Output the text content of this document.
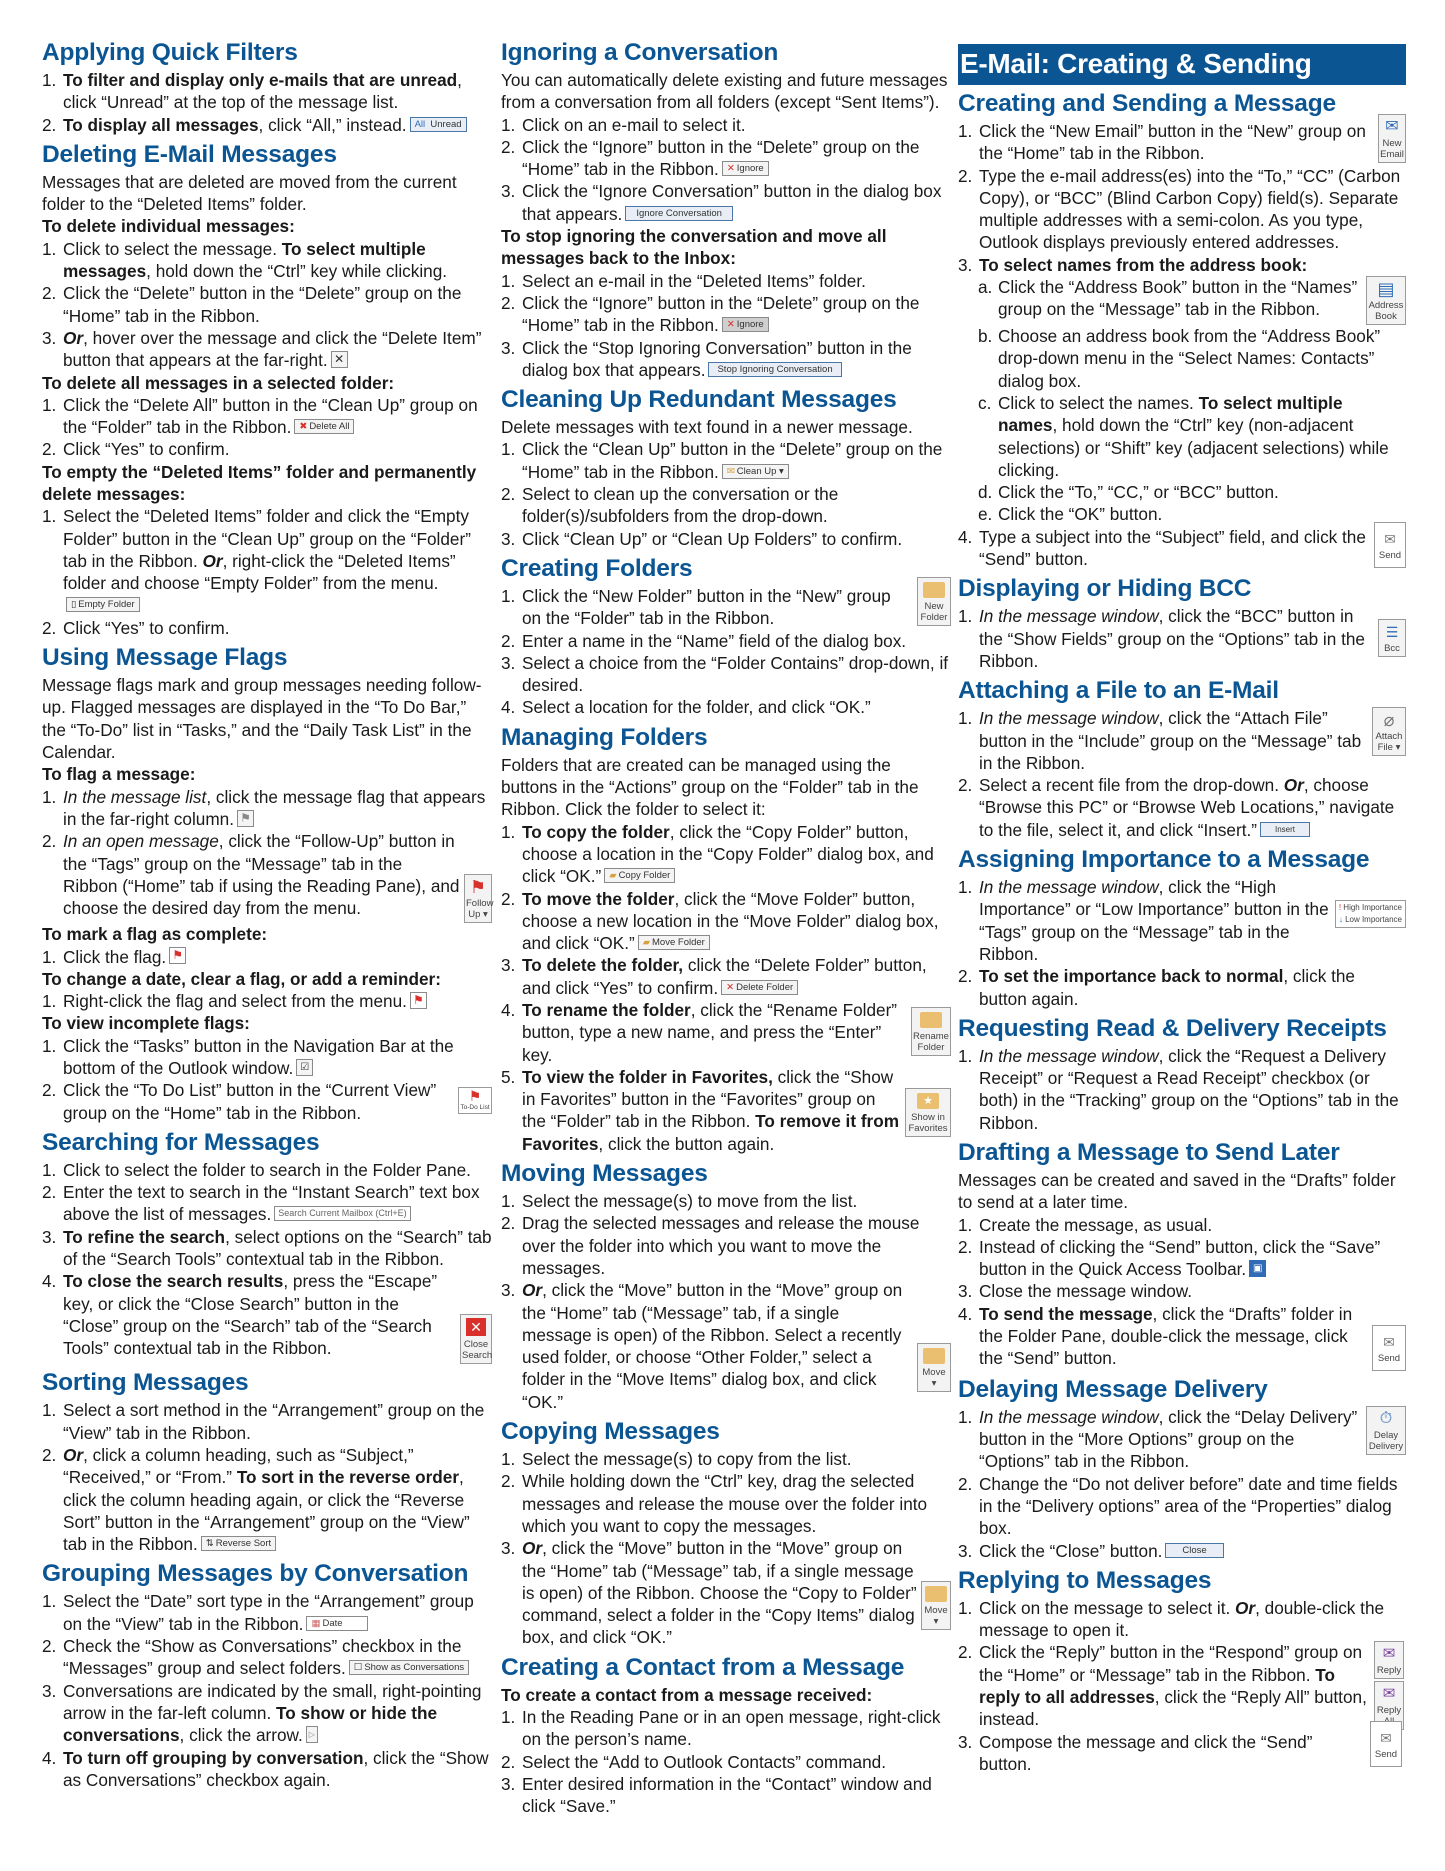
Applying Quick Filters
1. To filter and display only e-mails that are unread, click “Unread” at the top of the message list.
2. To display all messages, click “All,” instead. All Unread
Deleting E-Mail Messages

Messages that are deleted are moved from the current folder to the “Deleted Items” folder.

To delete individual messages:
1. Click to select the message. To select multiple messages, hold down the “Ctrl” key while clicking.
2. Click the “Delete” button in the “Delete” group on the “Home” tab in the Ribbon.
3. Or, hover over the message and click the “Delete Item” button that appears at the far-right. ✕
To delete all messages in a selected folder:
1. Click the “Delete All” button in the “Clean Up” group on the “Folder” tab in the Ribbon. ✖ Delete All
2. Click “Yes” to confirm.
To empty the “Deleted Items” folder and permanently delete messages:
1. Select the “Deleted Items” folder and click the “Empty Folder” button in the “Clean Up” group on the “Folder” tab in the Ribbon. Or, right-click the “Deleted Items” folder and choose “Empty Folder” from the menu.▯ Empty Folder
2. Click “Yes” to confirm.
Using Message Flags

Message flags mark and group messages needing follow-up. Flagged messages are displayed in the “To Do Bar,” the “To-Do” list in “Tasks,” and the “Daily Task List” in the Calendar.

To flag a message:
1. In the message list, click the message flag that appears in the far-right column. ⚑
⚑
Follow
Up ▾
2. In an open message, click the “Follow-Up” button in the “Tags” group on the “Message” tab in the Ribbon (“Home” tab if using the Reading Pane), and choose the desired day from the menu.
To mark a flag as complete:
1. Click the flag. ⚑
To change a date, clear a flag, or add a reminder:
1. Right-click the flag and select from the menu. ⚑
To view incomplete flags:
1. Click the “Tasks” button in the Navigation Bar at the bottom of the Outlook window. ☑
⚑
To-Do List
2. Click the “To Do List” button in the “Current View” group on the “Home” tab in the Ribbon.
Searching for Messages
1. Click to select the folder to search in the Folder Pane.
2. Enter the text to search in the “Instant Search” text box above the list of messages. Search Current Mailbox (Ctrl+E)
3. To refine the search, select options on the “Search” tab of the “Search Tools” contextual tab in the Ribbon.
✕
Close
Search
4. To close the search results, press the “Escape” key, or click the “Close Search” button in the “Close” group on the “Search” tab of the “Search Tools” contextual tab in the Ribbon.
Sorting Messages
1. Select a sort method in the “Arrangement” group on the “View” tab in the Ribbon.
2. Or, click a column heading, such as “Subject,” “Received,” or “From.” To sort in the reverse order, click the column heading again, or click the “Reverse Sort” button in the “Arrangement” group on the “View” tab in the Ribbon. ⇅ Reverse Sort
Grouping Messages by Conversation
1. Select the “Date” sort type in the “Arrangement” group on the “View” tab in the Ribbon. ▦ Date
2. Check the “Show as Conversations” checkbox in the “Messages” group and select folders. ☐ Show as Conversations
3. Conversations are indicated by the small, right-pointing arrow in the far-left column. To show or hide the conversations, click the arrow. ▷
4. To turn off grouping by conversation, click the “Show as Conversations” checkbox again.
Ignoring a Conversation

You can automatically delete existing and future messages from a conversation from all folders (except “Sent Items”).

1. Click on an e-mail to select it.
2. Click the “Ignore” button in the “Delete” group on the “Home” tab in the Ribbon. ✕ Ignore
3. Click the “Ignore Conversation” button in the dialog box that appears. Ignore Conversation
To stop ignoring the conversation and move all messages back to the Inbox:
1. Select an e-mail in the “Deleted Items” folder.
2. Click the “Ignore” button in the “Delete” group on the “Home” tab in the Ribbon. ✕ Ignore
3. Click the “Stop Ignoring Conversation” button in the dialog box that appears. Stop Ignoring Conversation
Cleaning Up Redundant Messages

Delete messages with text found in a newer message.

1. Click the “Clean Up” button in the “Delete” group on the “Home” tab in the Ribbon. ✉ Clean Up ▾
2. Select to clean up the conversation or the folder(s)/subfolders from the drop-down.
3. Click “Clean Up” or “Clean Up Folders” to confirm.
Creating Folders
New
Folder
1. Click the “New Folder” button in the “New” group on the “Folder” tab in the Ribbon.
2. Enter a name in the “Name” field of the dialog box.
3. Select a choice from the “Folder Contains” drop-down, if desired.
4. Select a location for the folder, and click “OK.”
Managing Folders

Folders that are created can be managed using the buttons in the “Actions” group on the “Folder” tab in the Ribbon. Click the folder to select it:

1. To copy the folder, click the “Copy Folder” button, choose a location in the “Copy Folder” dialog box, and click “OK.” ▰ Copy Folder
2. To move the folder, click the “Move Folder” button, choose a new location in the “Move Folder” dialog box, and click “OK.” ▰ Move Folder
3. To delete the folder, click the “Delete Folder” button, and click “Yes” to confirm. ✕ Delete Folder
Rename
Folder
4. To rename the folder, click the “Rename Folder” button, type a new name, and press the “Enter” key.
★
Show in
Favorites
5. To view the folder in Favorites, click the “Show in Favorites” button in the “Favorites” group on the “Folder” tab in the Ribbon. To remove it from Favorites, click the button again.
Moving Messages
1. Select the message(s) to move from the list.
2. Drag the selected messages and release the mouse over the folder into which you want to move the messages.
Move
▾
3. Or, click the “Move” button in the “Move” group on the “Home” tab (“Message” tab, if a single message is open) of the Ribbon. Select a recently used folder, or choose “Other Folder,” select a folder in the “Move Items” dialog box, and click “OK.”
Copying Messages
1. Select the message(s) to copy from the list.
2. While holding down the “Ctrl” key, drag the selected messages and release the mouse over the folder into which you want to copy the messages.
Move
▾
3. Or, click the “Move” button in the “Move” group on the “Home” tab (“Message” tab, if a single message is open) of the Ribbon. Choose the “Copy to Folder” command, select a folder in the “Copy Items” dialog box, and click “OK.”
Creating a Contact from a Message
To create a contact from a message received:
1. In the Reading Pane or in an open message, right-click on the person’s name.
2. Select the “Add to Outlook Contacts” command.
3. Enter desired information in the “Contact” window and click “Save.”
E-Mail: Creating & Sending
Creating and Sending a Message
✉
New
Email
1. Click the “New Email” button in the “New” group on the “Home” tab in the Ribbon.
2. Type the e-mail address(es) into the “To,” “CC” (Carbon Copy), or “BCC” (Blind Carbon Copy) field(s). Separate multiple addresses with a semi-colon. As you type, Outlook displays previously entered addresses.
3. To select names from the address book:
▤
Address
Book
a. Click the “Address Book” button in the “Names” group on the “Message” tab in the Ribbon.
b. Choose an address book from the “Address Book” drop-down menu in the “Select Names: Contacts” dialog box.
c. Click to select the names. To select multiple names, hold down the “Ctrl” key (non-adjacent selections) or “Shift” key (adjacent selections) while clicking.
d. Click the “To,” “CC,” or “BCC” button.
e. Click the “OK” button.
✉
Send
4. Type a subject into the “Subject” field, and click the “Send” button.
Displaying or Hiding BCC
☰
Bcc
1. In the message window, click the “BCC” button in the “Show Fields” group on the “Options” tab in the Ribbon.
Attaching a File to an E-Mail
⌀
Attach
File ▾
1. In the message window, click the “Attach File” button in the “Include” group on the “Message” tab in the Ribbon.
2. Select a recent file from the drop-down. Or, choose “Browse this PC” or “Browse Web Locations,” navigate to the file, select it, and click “Insert.” Insert
Assigning Importance to a Message
! High Importance
↓ Low Importance
1. In the message window, click the “High Importance” or “Low Importance” button in the “Tags” group on the “Message” tab in the Ribbon.
2. To set the importance back to normal, click the button again.
Requesting Read & Delivery Receipts
1. In the message window, click the “Request a Delivery Receipt” or “Request a Read Receipt” checkbox (or both) in the “Tracking” group on the “Options” tab in the Ribbon.
Drafting a Message to Send Later

Messages can be created and saved in the “Drafts” folder to send at a later time.

1. Create the message, as usual.
2. Instead of clicking the “Send” button, click the “Save” button in the Quick Access Toolbar. ▣
3. Close the message window.
✉
Send
4. To send the message, click the “Drafts” folder in the Folder Pane, double-click the message, click the “Send” button.
Delaying Message Delivery
⏱
Delay
Delivery
1. In the message window, click the “Delay Delivery” button in the “More Options” group on the “Options” tab in the Ribbon.
2. Change the “Do not deliver before” date and time fields in the “Delivery options” area of the “Properties” dialog box.
3. Click the “Close” button. Close
Replying to Messages
1. Click on the message to select it. Or, double-click the message to open it.
✉
Reply
✉
Reply

2. Click the “Reply” button in the “Respond” group on the “Home” or “Message” tab in the Ribbon. To reply to all addresses, click the “Reply All” button, instead.
✉
Send
3. Compose the message and click the “Send” button.
